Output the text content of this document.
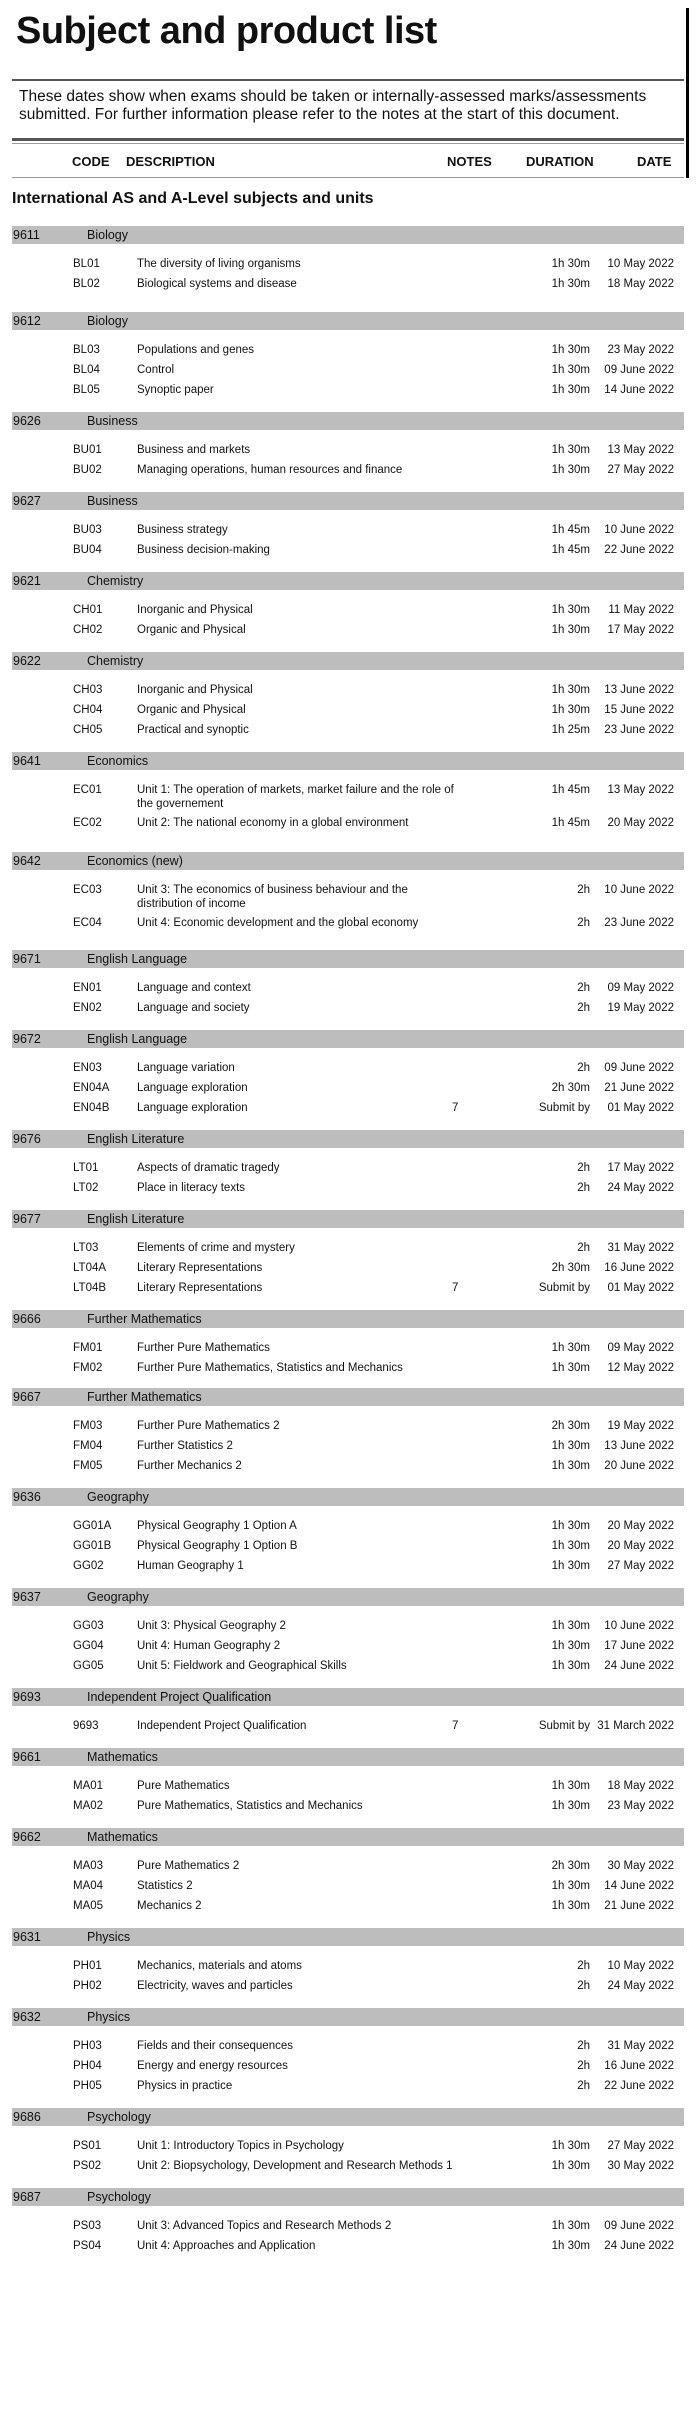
Subject and product list
These dates show when exams should be taken or internally-assessed marks/assessments submitted. For further information please refer to the notes at the start of this document.
CODE DESCRIPTION	NOTES	DURATION	DATE
International AS and A-Level subjects and units
9611	Biology
BL01	The diversity of living organisms	1h 30m 10 May 2022
BL02	Biological systems and disease	1h 30m 18 May 2022
9612	Biology
BL03	Populations and genes	1h 30m 23 May 2022
BL04	Control	1h 30m 09 June 2022
BL05	Synoptic paper	1h 30m 14 June 2022
9626	Business
BU01	Business and markets	1h 30m 13 May 2022
BU02	Managing operations, human resources and finance	1h 30m 27 May 2022
9627	Business
BU03	Business strategy	1h 45m 10 June 2022
BU04	Business decision-making	1h 45m 22 June 2022
9621	Chemistry
CH01	Inorganic and Physical	1h 30m 11 May 2022
CH02	Organic and Physical	1h 30m 17 May 2022
9622	Chemistry
CH03	Inorganic and Physical	1h 30m 13 June 2022
CH04	Organic and Physical	1h 30m 15 June 2022
CH05	Practical and synoptic	1h 25m 23 June 2022
9641	Economics
EC01	Unit 1: The operation of markets, market failure and the role of the governement
1h 45m 13 May 2022
EC02	Unit 2: The national economy in a global environment	1h 45m 20 May 2022
9642	Economics (new)
EC03	Unit 3: The economics of business behaviour and the distribution of income
2h 10 June 2022
EC04	Unit 4: Economic development and the global economy	2h 23 June 2022
9671	English Language
EN01	Language and context	2h 09 May 2022
EN02	Language and society	2h 19 May 2022
9672	English Language
EN03	Language variation	2h 09 June 2022
EN04A Language exploration	2h 30m 21 June 2022
EN04B Language exploration	7	Submit by 01 May 2022
9676	English Literature
LT01	Aspects of dramatic tragedy	2h 17 May 2022
LT02	Place in literacy texts	2h 24 May 2022
9677	English Literature
LT03	Elements of crime and mystery	2h 31 May 2022
LT04A	Literary Representations	2h 30m 16 June 2022
LT04B	Literary Representations	7	Submit by 01 May 2022
9666	Further Mathematics
FM01	Further Pure Mathematics	1h 30m 09 May 2022
FM02	Further Pure Mathematics, Statistics and Mechanics	1h 30m 12 May 2022
9667	Further Mathematics
FM03	Further Pure Mathematics 2	2h 30m 19 May 2022
FM04	Further Statistics 2	1h 30m 13 June 2022
FM05	Further Mechanics 2	1h 30m 20 June 2022
9636	Geography
GG01A Physical Geography 1 Option A	1h 30m 20 May 2022
GG01B Physical Geography 1 Option B	1h 30m 20 May 2022
GG02	Human Geography 1	1h 30m 27 May 2022
9637	Geography
GG03	Unit 3: Physical Geography 2	1h 30m 10 June 2022
GG04	Unit 4: Human Geography 2	1h 30m 17 June 2022
GG05	Unit 5: Fieldwork and Geographical Skills	1h 30m 24 June 2022
9693	Independent Project Qualification
9693	Independent Project Qualification	7	Submit by 31 March 2022
9661	Mathematics
MA01	Pure Mathematics	1h 30m 18 May 2022
MA02	Pure Mathematics, Statistics and Mechanics	1h 30m 23 May 2022
9662	Mathematics
MA03	Pure Mathematics 2	2h 30m 30 May 2022
MA04	Statistics 2	1h 30m 14 June 2022
MA05	Mechanics 2	1h 30m 21 June 2022
9631	Physics
PH01	Mechanics, materials and atoms	2h 10 May 2022
PH02	Electricity, waves and particles	2h 24 May 2022
9632	Physics
PH03	Fields and their consequences	2h 31 May 2022
PH04	Energy and energy resources	2h 16 June 2022
PH05	Physics in practice	2h 22 June 2022
9686	Psychology
PS01	Unit 1: Introductory Topics in Psychology	1h 30m 27 May 2022
PS02	Unit 2: Biopsychology, Development and Research Methods 1	1h 30m 30 May 2022
9687	Psychology
PS03	Unit 3: Advanced Topics and Research Methods 2	1h 30m 09 June 2022
PS04	Unit 4: Approaches and Application	1h 30m 24 June 2022
